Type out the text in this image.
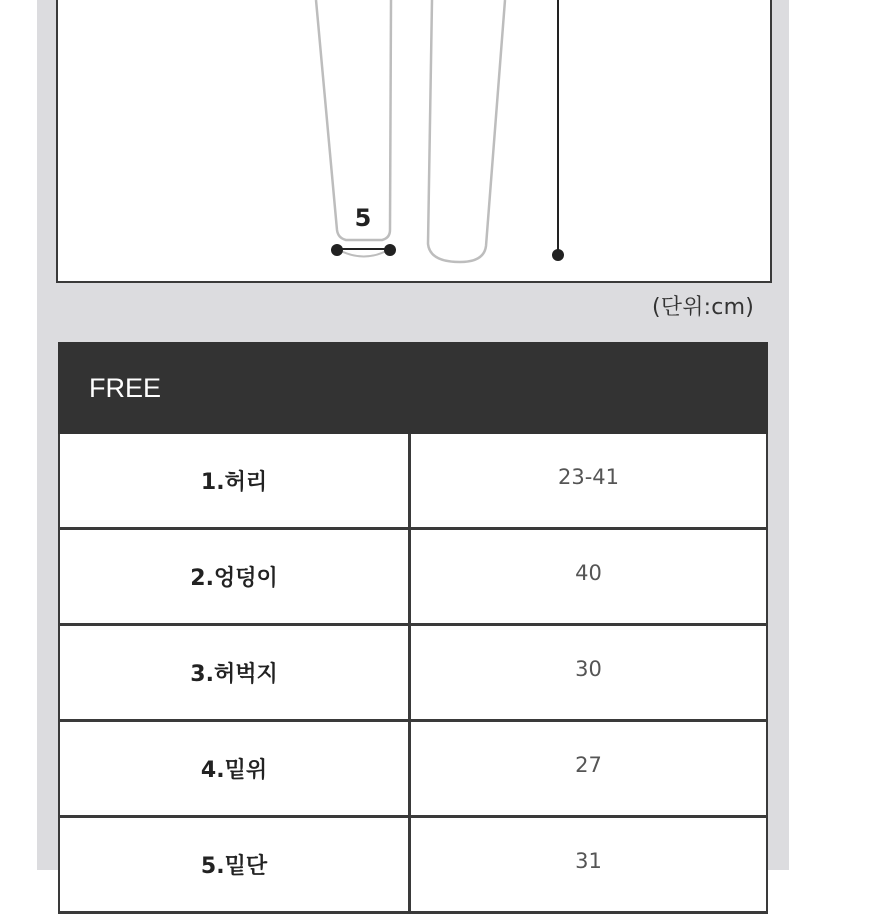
5
(단위:cm)
FREE
1.허리	23-41
2.엉덩이	40
3.허벅지	30
4.밑위	27
5.밑단	31
